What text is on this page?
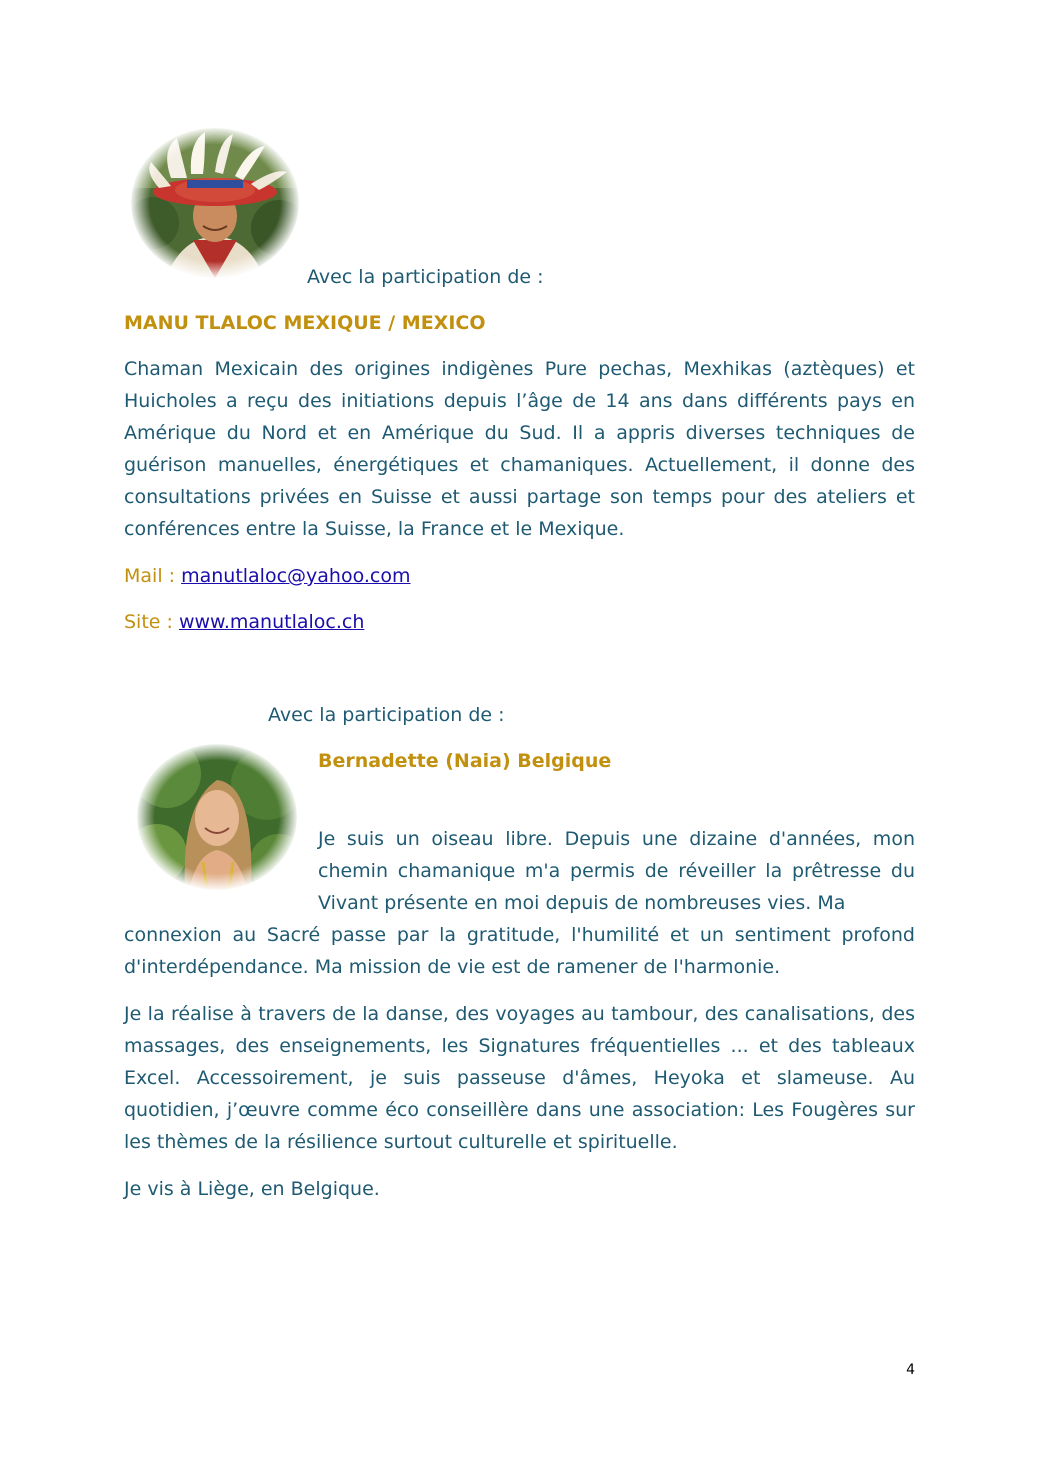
Avec la participation de :

MANU TLALOC MEXIQUE / MEXICO

Chaman Mexicain des origines indigènes Pure pechas, Mexhikas (aztèques) et Huicholes a reçu des initiations depuis l’âge de 14 ans dans différents pays en Amérique du Nord et en Amérique du Sud. Il a appris diverses techniques de guérison manuelles, énergétiques et chamaniques. Actuellement, il donne des consultations privées en Suisse et aussi partage son temps pour des ateliers et conférences entre la Suisse, la France et le Mexique.

Mail : manutlaloc@yahoo.com

Site : www.manutlaloc.ch

Avec la participation de :

Bernadette (Naia) Belgique

Je suis un oiseau libre. Depuis une dizaine d'années, mon chemin chamanique m'a permis de réveiller la prêtresse du Vivant présente en moi depuis de nombreuses vies. Ma

connexion au Sacré passe par la gratitude, l'humilité et un sentiment profond d'interdépendance. Ma mission de vie est de ramener de l'harmonie.

Je la réalise à travers de la danse, des voyages au tambour, des canalisations, des massages, des enseignements, les Signatures fréquentielles ... et des tableaux Excel. Accessoirement, je suis passeuse d'âmes, Heyoka et slameuse. Au quotidien, j’œuvre comme éco conseillère dans une association: Les Fougères sur les thèmes de la résilience surtout culturelle et spirituelle.

Je vis à Liège, en Belgique.

4
